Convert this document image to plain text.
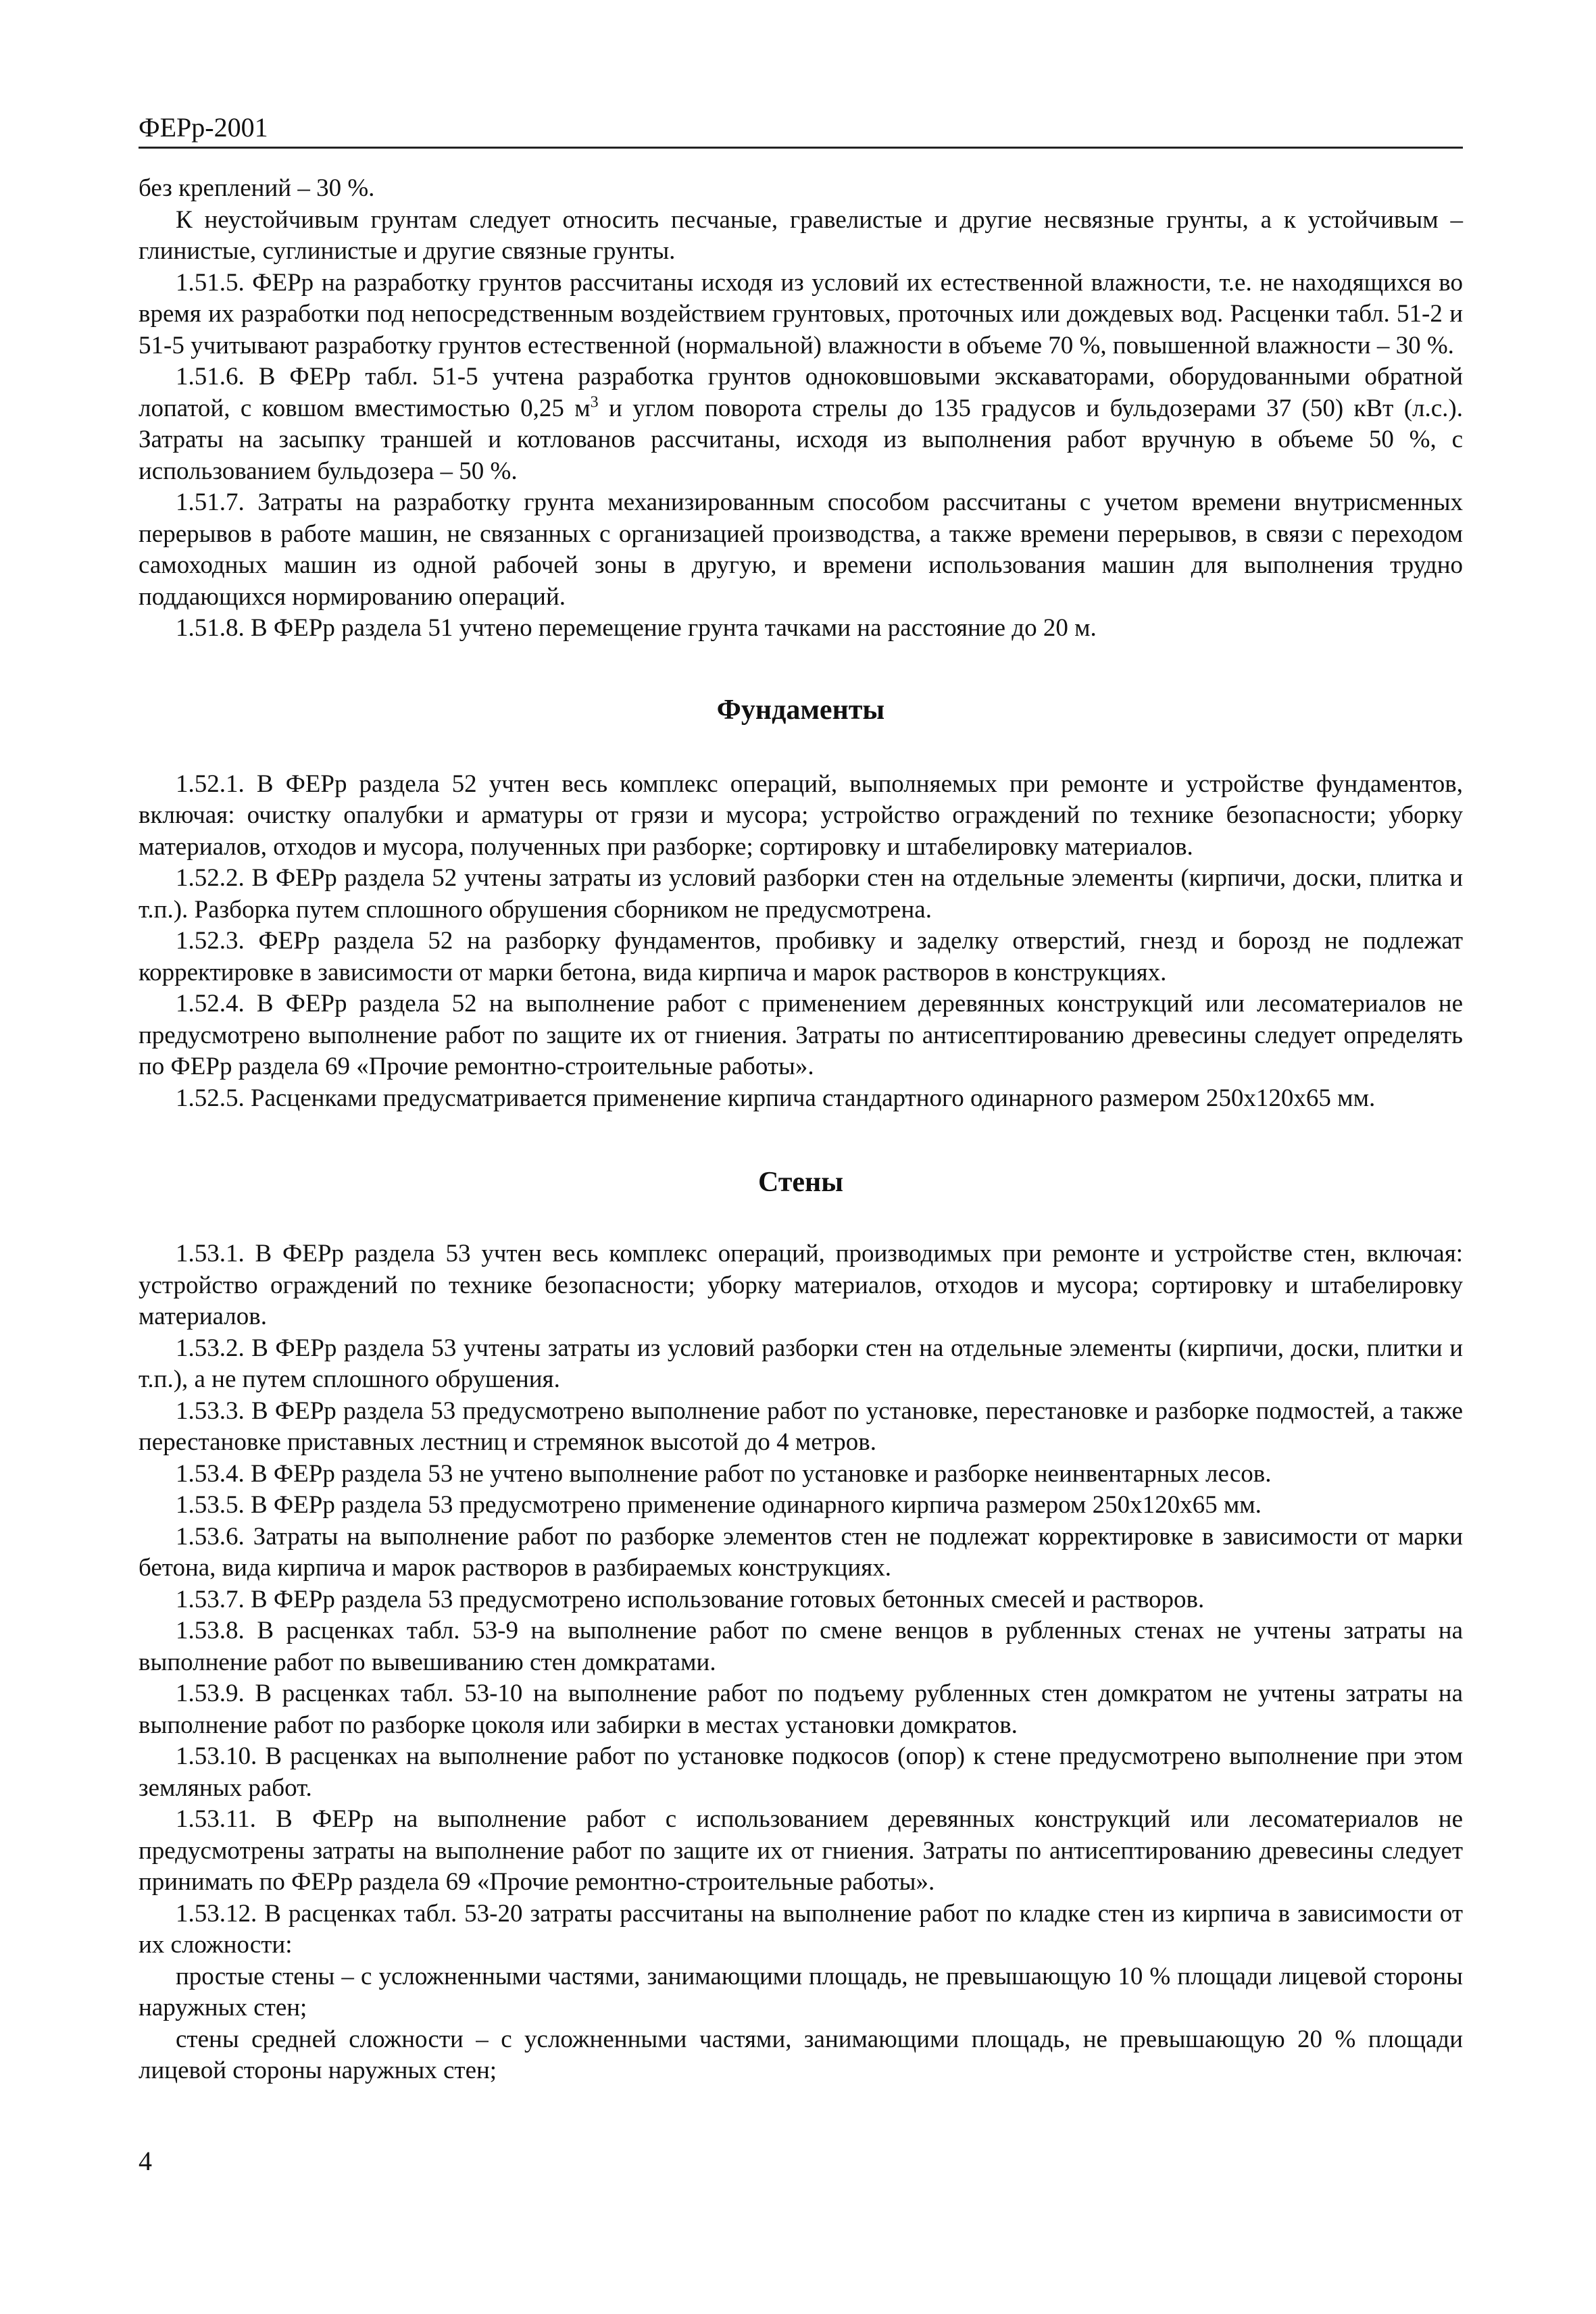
ФЕРр-2001

без креплений – 30 %.

К неустойчивым грунтам следует относить песчаные, гравелистые и другие несвязные грунты, а к устойчивым – глинистые, суглинистые и другие связные грунты.

1.51.5. ФЕРр на разработку грунтов рассчитаны исходя из условий их естественной влажности, т.е. не находящихся во время их разработки под непосредственным воздействием грунтовых, проточных или дождевых вод. Расценки табл. 51-2 и 51-5 учитывают разработку грунтов естественной (нормальной) влажности в объеме 70 %, повышенной влажности – 30 %.

1.51.6. В ФЕРр табл. 51-5 учтена разработка грунтов одноковшовыми экскаваторами, оборудованными обратной лопатой, с ковшом вместимостью 0,25 $м^3$ и углом поворота стрелы до 135 градусов и бульдозерами 37 (50) кВт (л.с.). Затраты на засыпку траншей и котлованов рассчитаны, исходя из выполнения работ вручную в объеме 50 %, с использованием бульдозера – 50 %.

1.51.7. Затраты на разработку грунта механизированным способом рассчитаны с учетом времени внутрисменных перерывов в работе машин, не связанных с организацией производства, а также времени перерывов, в связи с переходом самоходных машин из одной рабочей зоны в другую, и времени использования машин для выполнения трудно поддающихся нормированию операций.

1.51.8. В ФЕРр раздела 51 учтено перемещение грунта тачками на расстояние до 20 м.

Фундаменты

1.52.1. В ФЕРр раздела 52 учтен весь комплекс операций, выполняемых при ремонте и устройстве фундаментов, включая: очистку опалубки и арматуры от грязи и мусора; устройство ограждений по технике безопасности; уборку материалов, отходов и мусора, полученных при разборке; сортировку и штабелировку материалов.

1.52.2. В ФЕРр раздела 52 учтены затраты из условий разборки стен на отдельные элементы (кирпичи, доски, плитка и т.п.). Разборка путем сплошного обрушения сборником не предусмотрена.

1.52.3. ФЕРр раздела 52 на разборку фундаментов, пробивку и заделку отверстий, гнезд и борозд не подлежат корректировке в зависимости от марки бетона, вида кирпича и марок растворов в конструкциях.

1.52.4. В ФЕРр раздела 52 на выполнение работ с применением деревянных конструкций или лесоматериалов не предусмотрено выполнение работ по защите их от гниения. Затраты по антисептированию древесины следует определять по ФЕРр раздела 69 «Прочие ремонтно-строительные работы».

1.52.5. Расценками предусматривается применение кирпича стандартного одинарного размером 250х120х65 мм.

Стены

1.53.1. В ФЕРр раздела 53 учтен весь комплекс операций, производимых при ремонте и устройстве стен, включая: устройство ограждений по технике безопасности; уборку материалов, отходов и мусора; сортировку и штабелировку материалов.

1.53.2. В ФЕРр раздела 53 учтены затраты из условий разборки стен на отдельные элементы (кирпичи, доски, плитки и т.п.), а не путем сплошного обрушения.

1.53.3. В ФЕРр раздела 53 предусмотрено выполнение работ по установке, перестановке и разборке подмостей, а также перестановке приставных лестниц и стремянок высотой до 4 метров.

1.53.4. В ФЕРр раздела 53 не учтено выполнение работ по установке и разборке неинвентарных лесов.

1.53.5. В ФЕРр раздела 53 предусмотрено применение одинарного кирпича размером 250х120х65 мм.

1.53.6. Затраты на выполнение работ по разборке элементов стен не подлежат корректировке в зависимости от марки бетона, вида кирпича и марок растворов в разбираемых конструкциях.

1.53.7. В ФЕРр раздела 53 предусмотрено использование готовых бетонных смесей и растворов.

1.53.8. В расценках табл. 53-9 на выполнение работ по смене венцов в рубленных стенах не учтены затраты на выполнение работ по вывешиванию стен домкратами.

1.53.9. В расценках табл. 53-10 на выполнение работ по подъему рубленных стен домкратом не учтены затраты на выполнение работ по разборке цоколя или забирки в местах установки домкратов.

1.53.10. В расценках на выполнение работ по установке подкосов (опор) к стене предусмотрено выполнение при этом земляных работ.

1.53.11. В ФЕРр на выполнение работ с использованием деревянных конструкций или лесоматериалов не предусмотрены затраты на выполнение работ по защите их от гниения. Затраты по антисептированию древесины следует принимать по ФЕРр раздела 69 «Прочие ремонтно-строительные работы».

1.53.12. В расценках табл. 53-20 затраты рассчитаны на выполнение работ по кладке стен из кирпича в зависимости от их сложности:

простые стены – с усложненными частями, занимающими площадь, не превышающую 10 % площади лицевой стороны наружных стен;

стены средней сложности – с усложненными частями, занимающими площадь, не превышающую 20 % площади лицевой стороны наружных стен;

4
